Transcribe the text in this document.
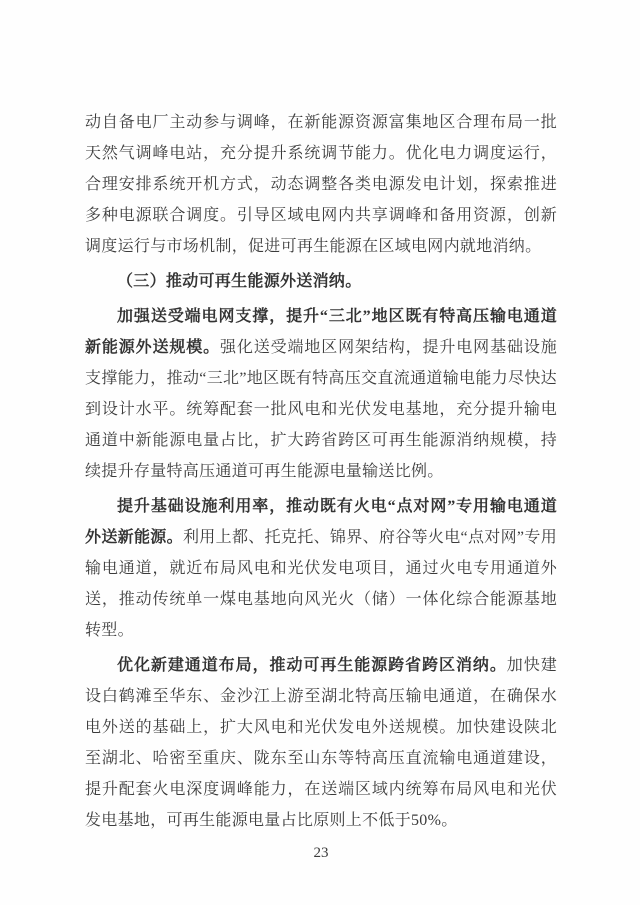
动自备电厂主动参与调峰，在新能源资源富集地区合理布局一批天然气调峰电站，充分提升系统调节能力。优化电力调度运行，合理安排系统开机方式，动态调整各类电源发电计划，探索推进多种电源联合调度。引导区域电网内共享调峰和备用资源，创新调度运行与市场机制，促进可再生能源在区域电网内就地消纳。

（三）推动可再生能源外送消纳。

加强送受端电网支撑，提升“三北”地区既有特高压输电通道新能源外送规模。强化送受端地区网架结构，提升电网基础设施支撑能力，推动“三北”地区既有特高压交直流通道输电能力尽快达到设计水平。统筹配套一批风电和光伏发电基地，充分提升输电通道中新能源电量占比，扩大跨省跨区可再生能源消纳规模，持续提升存量特高压通道可再生能源电量输送比例。

提升基础设施利用率，推动既有火电“点对网”专用输电通道外送新能源。利用上都、托克托、锦界、府谷等火电“点对网”专用输电通道，就近布局风电和光伏发电项目，通过火电专用通道外送，推动传统单一煤电基地向风光火（储）一体化综合能源基地转型。

优化新建通道布局，推动可再生能源跨省跨区消纳。加快建设白鹤滩至华东、金沙江上游至湖北特高压输电通道，在确保水电外送的基础上，扩大风电和光伏发电外送规模。加快建设陕北至湖北、哈密至重庆、陇东至山东等特高压直流输电通道建设，提升配套火电深度调峰能力，在送端区域内统筹布局风电和光伏发电基地，可再生能源电量占比原则上不低于50%。

23
